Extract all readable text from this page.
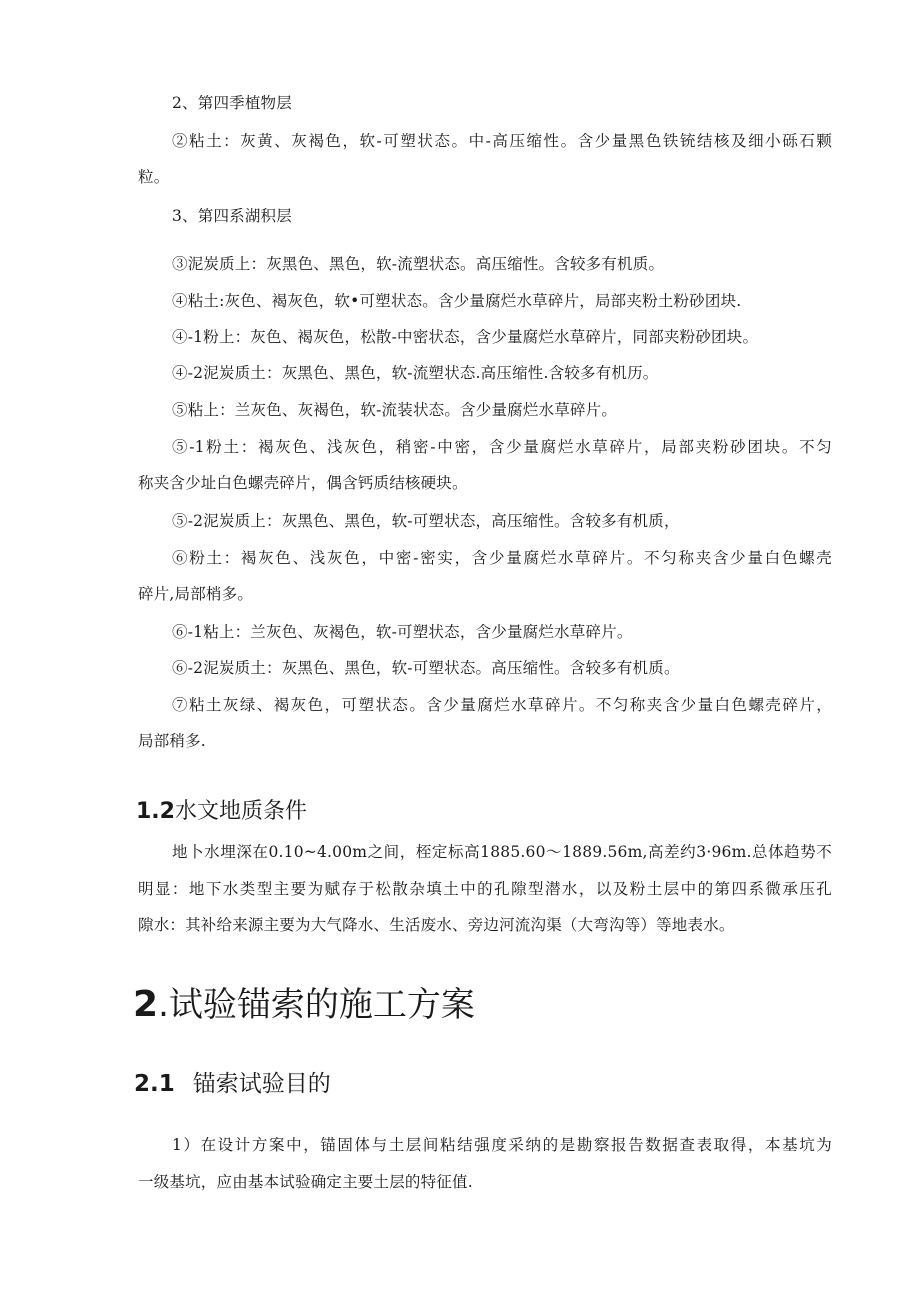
2、第四季植物层
②粘土：灰黄、灰褐色，软-可塑状态。中-高压缩性。含少量黑色铁铳结核及细小砾石颗
粒。
3、第四系湖积层
③泥炭质上：灰黑色、黑色，软-流塑状态。高压缩性。含较多有机质。
④粘土:灰色、褐灰色，软•可塑状态。含少量腐烂水草碎片，局部夹粉土粉砂团块.
④-1粉上：灰色、褐灰色，松散-中密状态，含少量腐烂水草碎片，同部夹粉砂团块。
④-2泥炭质土：灰黑色、黑色，软-流塑状态.高压缩性.含较多有机历。
⑤粘上：兰灰色、灰褐色，软-流装状态。含少量腐烂水草碎片。
⑤-1粉土：褐灰色、浅灰色，稍密-中密，含少量腐烂水草碎片，局部夹粉砂团块。不匀
称夹含少址白色螺壳碎片，偶含钙质结核硬块。
⑤-2泥炭质上：灰黑色、黑色，软-可塑状态，高压缩性。含较多有机质，
⑥粉土：褐灰色、浅灰色，中密-密实，含少量腐烂水草碎片。不匀称夹含少量白色螺壳
碎片,局部梢多。
⑥-1粘上：兰灰色、灰褐色，软-可塑状态，含少量腐烂水草碎片。
⑥-2泥炭质土：灰黑色、黑色，软-可塑状态。高压缩性。含较多有机质。
⑦粘土灰绿、褐灰色，可塑状态。含少量腐烂水草碎片。不匀称夹含少量白色螺壳碎片，
局部稍多.
1.2水文地质条件
地卜水埋深在0.10~4.00m之间，桎定标高1885.60～1889.56m,高差约3·96m.总体趋势不
明显：地下水类型主要为赋存于松散杂填土中的孔隙型潜水，以及粉土层中的第四系微承压孔
隙水：其补给来源主要为大气降水、生活废水、旁边河流沟渠（大弯沟等）等地表水。
2.试验锚索的施工方案
2.1 锚索试验目的
1）在设计方案中，锚固体与土层间粘结强度采纳的是勘察报告数据查表取得，本基坑为
一级基坑，应由基本试验确定主要土层的特征值.
